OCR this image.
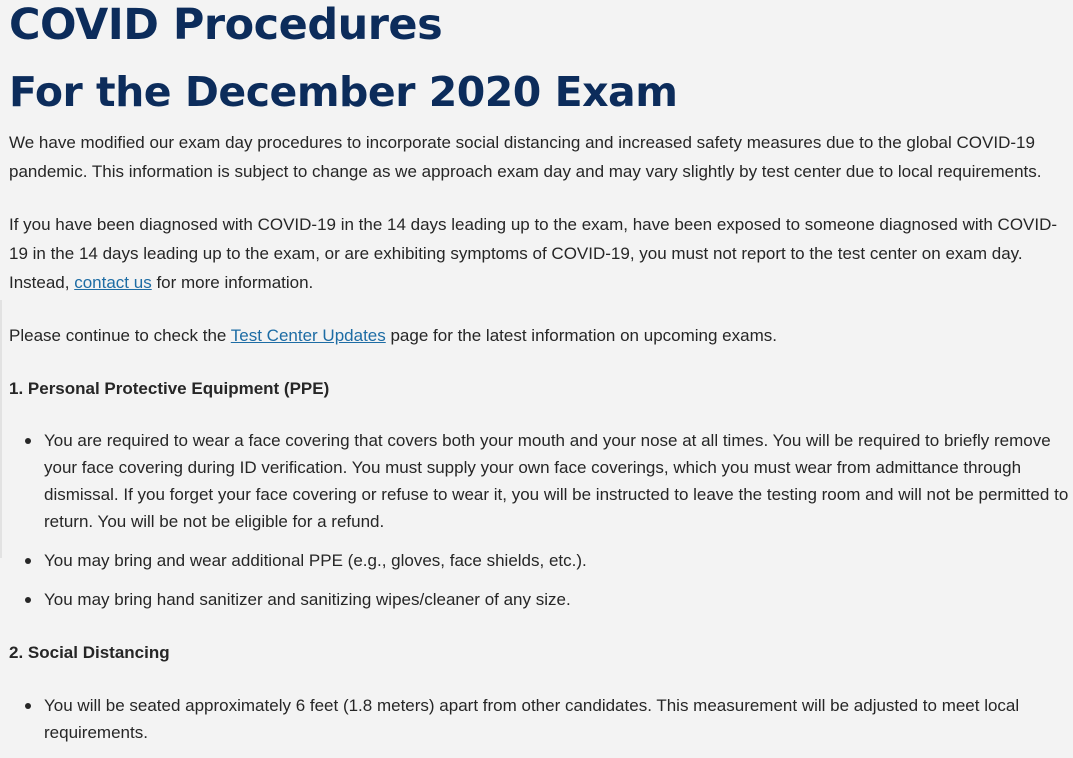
COVID Procedures
For the December 2020 Exam

We have modified our exam day procedures to incorporate social distancing and increased safety measures due to the global COVID-19 pandemic. This information is subject to change as we approach exam day and may vary slightly by test center due to local requirements.

If you have been diagnosed with COVID-19 in the 14 days leading up to the exam, have been exposed to someone diagnosed with COVID-19 in the 14 days leading up to the exam, or are exhibiting symptoms of COVID-19, you must not report to the test center on exam day. Instead, contact us for more information.

Please continue to check the Test Center Updates page for the latest information on upcoming exams.

1. Personal Protective Equipment (PPE)

You are required to wear a face covering that covers both your mouth and your nose at all times. You will be required to briefly remove your face covering during ID verification. You must supply your own face coverings, which you must wear from admittance through dismissal. If you forget your face covering or refuse to wear it, you will be instructed to leave the testing room and will not be permitted to return. You will be not be eligible for a refund.
You may bring and wear additional PPE (e.g., gloves, face shields, etc.).
You may bring hand sanitizer and sanitizing wipes/cleaner of any size.

2. Social Distancing

You will be seated approximately 6 feet (1.8 meters) apart from other candidates. This measurement will be adjusted to meet local requirements.
